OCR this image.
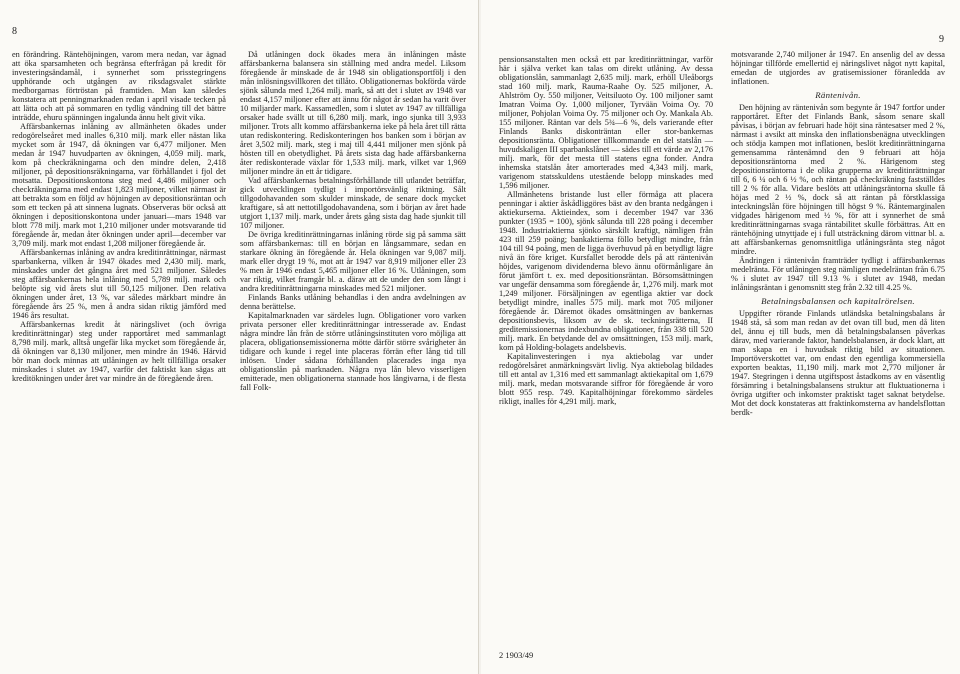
8

en förändring. Räntehöjningen, varom mera nedan, var ägnad att öka sparsamheten och begränsa efterfrågan på kredit för investeringsändamål, i synnerhet som prisstegringens upphörande och utgången av riksdagsvalet stärkte medborgarnas förtröstan på framtiden. Man kan således konstatera att penningmarknaden redan i april visade tecken på att lätta och att på sommaren en tydlig vändning till det bättre inträdde, ehuru spänningen ingalunda ännu helt givit vika.

Affärsbankernas inlåning av allmänheten ökades under redogörelseåret med inalles 6,310 milj. mark eller nästan lika mycket som år 1947, då ökningen var 6,477 miljoner. Men medan år 1947 huvudparten av ökningen, 4,059 milj. mark, kom på checkräkningarna och den mindre delen, 2,418 miljoner, på depositionsräkningarna, var förhållandet i fjol det motsatta. Depositionskontona steg med 4,486 miljoner och checkräkningarna med endast 1,823 miljoner, vilket närmast är att betrakta som en följd av höjningen av depositionsräntan och som ett tecken på att sinnena lugnats. Observeras bör också att ökningen i depositionskontona under januari—mars 1948 var blott 778 milj. mark mot 1,210 miljoner under motsvarande tid föregående år, medan åter ökningen under april—december var 3,709 milj. mark mot endast 1,208 miljoner föregående år.

Affärsbankernas inlåning av andra kreditinrättningar, närmast sparbankerna, vilken år 1947 ökades med 2,430 milj. mark, minskades under det gångna året med 521 miljoner. Således steg affärsbankernas hela inlåning med 5,789 milj. mark och belöpte sig vid årets slut till 50,125 miljoner. Den relativa ökningen under året, 13 %, var således märkbart mindre än föregående års 25 %, men å andra sidan riktig jämförd med 1946 års resultat.

Affärsbankernas kredit åt näringslivet (och övriga kreditinrättningar) steg under rapportåret med sammanlagt 8,798 milj. mark, alltså ungefär lika mycket som föregående år, då ökningen var 8,130 miljoner, men mindre än 1946. Härvid bör man dock minnas att utlåningen av helt tillfälliga orsaker minskades i slutet av 1947, varför det faktiskt kan sägas att kreditökningen under året var mindre än de föregående åren.

Då utlåningen dock ökades mera än inlåningen måste affärsbankerna balansera sin ställning med andra medel. Liksom föregående år minskade de år 1948 sin obligationsportfölj i den mån inlösningsvillkoren det tillåto. Obligationernas bokförda värde sjönk sålunda med 1,264 milj. mark, så att det i slutet av 1948 var endast 4,157 miljoner efter att ännu för något år sedan ha varit över 10 miljarder mark. Kassamedlen, som i slutet av 1947 av tillfälliga orsaker hade svällt ut till 6,280 milj. mark, ingo sjunka till 3,933 miljoner. Trots allt kommo affärsbankerna ieke på hela året till rätta utan rediskontering. Rediskonteringen hos banken som i början av året 3,502 milj. mark, steg i maj till 4,441 miljoner men sjönk på hösten till en obetydlighet. På årets sista dag hade affärsbankerna åter rediskonterade växlar för 1,533 milj. mark, vilket var 1,969 miljoner mindre än ett år tidigare.

Vad affärsbankernas betalningsförhållande till utlandet beträffar, gick utvecklingen tydligt i importörsvänlig riktning. Sålt tillgodohavanden som skulder minskade, de senare dock mycket kraftigare, så att nettotillgodohavandena, som i början av året hade utgjort 1,137 milj. mark, under årets gång sista dag hade sjunkit till 107 miljoner.

De övriga kreditinrättningarnas inlåning rörde sig på samma sätt som affärsbankernas: till en början en långsammare, sedan en starkare ökning än föregående år. Hela ökningen var 9,087 milj. mark eller drygt 19 %, mot att år 1947 var 8,919 miljoner eller 23 % men år 1946 endast 5,465 miljoner eller 16 %. Utlåningen, som var riktig, vilket framgår bl. a. därav att de under den som långt i andra kreditinrättningarna minskades med 521 miljoner.

Finlands Banks utlåning behandlas i den andra avdelningen av denna berättelse.

Kapitalmarknaden var särdeles lugn. Obligationer voro varken privata personer eller kreditinrättningar intresserade av. Endast några mindre lån från de större utlåningsinstituten voro möjliga att placera, obligationsemissionerna mötte därför större svårigheter än tidigare och kunde i regel inte placeras förrän efter lång tid till inlösen. Under sådana förhållanden placerades inga nya obligationslån på marknaden. Några nya lån blevo visserligen emitterade, men obligationerna stannade hos långivarna, i de flesta fall Folk-

9

pensionsanstalten men också ett par kreditinrättningar, varför här i själva verket kan talas om direkt utlåning. Av dessa obligationslån, sammanlagt 2,635 milj. mark, erhöll Uleåborgs stad 160 milj. mark, Rauma-Raahe Oy. 525 miljoner, A. Ahlström Oy. 550 miljoner, Veitsiluoto Oy. 100 miljoner samt Imatran Voima Oy. 1,000 miljoner, Tyrvään Voima Oy. 70 miljoner, Pohjolan Voima Oy. 75 miljoner och Oy. Mankala Ab. 155 miljoner. Räntan var dels 5¾—6 %, dels varierande efter Finlands Banks diskonträntan eller stor-bankernas depositionsränta. Obligationer tillkommande en del statslån — huvudskaligen III sparbankslånet — sådes till ett värde av 2,176 milj. mark, för det mesta till statens egna fonder. Andra inhemska statslån åter amorterades med 4,343 milj. mark, varigenom statsskuldens utestående belopp minskades med 1,596 miljoner.

Allmänhetens bristande lust eller förmåga att placera penningar i aktier åskådliggöres bäst av den branta nedgången i aktiekurserna. Aktieindex, som i december 1947 var 336 punkter (1935 = 100), sjönk sålunda till 228 poäng i december 1948. Industriaktierna sjönko särskilt kraftigt, nämligen från 423 till 259 poäng; bankaktierna föllo betydligt mindre, från 104 till 94 poäng, men de ligga överhuvud på en betydligt lägre nivå än före kriget. Kursfallet berodde dels på att räntenivån höjdes, varigenom dividenderna blevo ännu oförmånligare än förut jämfört t. ex. med depositionsräntan. Börsomsättningen var ungefär densamma som föregående år, 1,276 milj. mark mot 1,249 miljoner. Försäljningen av egentliga aktier var dock betydligt mindre, inalles 575 milj. mark mot 705 miljoner föregående år. Däremot ökades omsättningen av bankernas depositionsbevis, liksom av de sk. teckningsrätterna, II greditemissionernas indexbundna obligationer, från 338 till 520 milj. mark. En betydande del av omsättningen, 153 milj. mark, kom på Holding-bolagets andelsbevis.

Kapitalinvesteringen i nya aktiebolag var under redogörelsåret anmärkningsvärt livlig. Nya aktiebolag bildades till ett antal av 1,316 med ett sammanlagt aktiekapital om 1,679 milj. mark, medan motsvarande siffror för föregående år voro blott 955 resp. 749. Kapitalhöjningar förekommo särdeles rikligt, inalles för 4,291 milj. mark,

motsvarande 2,740 miljoner år 1947. En ansenlig del av dessa höjningar tillförde emellertid ej näringslivet något nytt kapital, emedan de utgjordes av gratisemissioner föranledda av inflationen.

Räntenivån.

Den höjning av räntenivån som begynte år 1947 fortfor under rapportåret. Efter det Finlands Bank, såsom senare skall påvisas, i början av februari hade höjt sina räntesatser med 2 %, närmast i avsikt att minska den inflationsbenägna utvecklingen och stödja kampen mot inflationen, beslöt kreditinrättningarna gemensamma räntenämnd den 9 februari att höja depositionsräntorna med 2 %. Härigenom steg depositionsräntorna i de olika grupperna av kreditinrättningar till 6, 6 ¼ och 6 ½ %, och räntan på checkräkning fastställdes till 2 % för alla. Vidare beslöts att utlåningsräntorna skulle få höjas med 2 ½ %, dock så att räntan på förstklassiga inteckningslån före höjningen till högst 9 %. Räntemarginalen vidgades härigenom med ½ %, för att i synnerhet de små kreditinrättningarnas svaga räntabilitet skulle förbättras. Att en räntehöjning utnyttjade ej i full utsträckning därom vittnar bl. a. att affärsbankernas genomsnittliga utlåningsränta steg något mindre.

Ändringen i räntenivån framträder tydligt i affärsbankernas medelränta. För utlåningen steg nämligen medelräntan från 6.75 % i slutet av 1947 till 9.13 % i slutet av 1948, medan inlåningsräntan i genomsnitt steg från 2.32 till 4.25 %.

Betalningsbalansen och kapitalrörelsen.

Uppgifter rörande Finlands utländska betalningsbalans år 1948 stå, så som man redan av det ovan till bud, men då liten del, ännu ej till buds, men då betalningsbalansen påverkas därav, med varierande faktor, handelsbalansen, är dock klart, att man skapa en i huvudsak riktig bild av situationen. Importöverskottet var, om endast den egentliga kommersiella exporten beaktas, 11,190 milj. mark mot 2,770 miljoner år 1947. Stegringen i denna utgiftspost åstadkoms av en väsentlig försämring i betalningsbalansens struktur att fluktuationerna i övriga utgifter och inkomster praktiskt taget saknat betydelse. Mot det dock konstateras att fraktinkomsterna av handelsflottan berdk-

2 1903/49
